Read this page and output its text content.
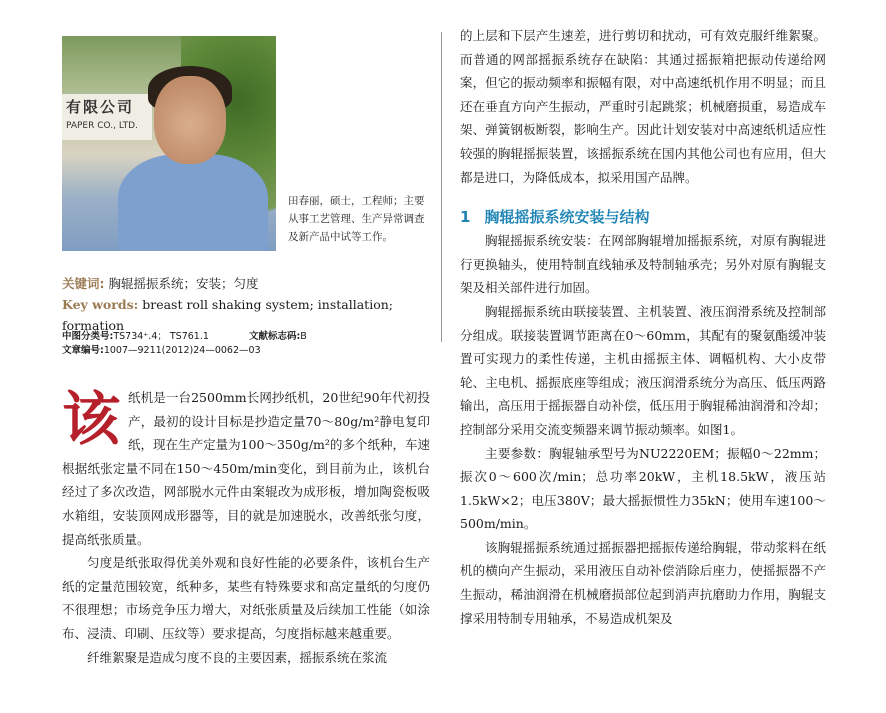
有限公司
PAPER CO., LTD.
田春丽，硕士，工程师；主要从事工艺管理、生产异常调查及新产品中试等工作。
关键词: 胸辊摇振系统；安装；匀度
Key words: breast roll shaking system; installation; formation
中图分类号:TS734⁺.4； TS761.1	文献标志码:B
文章编号:1007—9211(2012)24—0062—03
该 纸机是一台2500mm长网抄纸机，20世纪90年代初投产，最初的设计目标是抄造定量70～80g/m²静电复印纸，现在生产定量为100～350g/m²的多个纸种，车速根据纸张定量不同在150～450m/min变化，到目前为止，该机台经过了多次改造，网部脱水元件由案辊改为成形板，增加陶瓷板吸水箱组，安装顶网成形器等，目的就是加速脱水，改善纸张匀度，提高纸张质量。

匀度是纸张取得优美外观和良好性能的必要条件，该机台生产纸的定量范围较宽，纸种多，某些有特殊要求和高定量纸的匀度仍不很理想；市场竞争压力增大，对纸张质量及后续加工性能（如涂布、浸渍、印刷、压纹等）要求提高，匀度指标越来越重要。

纤维絮聚是造成匀度不良的主要因素，摇振系统在浆流

的上层和下层产生速差，进行剪切和扰动，可有效克服纤维絮聚。而普通的网部摇振系统存在缺陷：其通过摇振箱把振动传递给网案，但它的振动频率和振幅有限，对中高速纸机作用不明显；而且还在垂直方向产生振动，严重时引起跳浆；机械磨损重，易造成车架、弹簧钢板断裂，影响生产。因此计划安装对中高速纸机适应性较强的胸辊摇振装置，该摇振系统在国内其他公司也有应用，但大都是进口，为降低成本，拟采用国产品牌。

1 胸辊摇振系统安装与结构

胸辊摇振系统安装：在网部胸辊增加摇振系统，对原有胸辊进行更换轴头，使用特制直线轴承及特制轴承壳；另外对原有胸辊支架及相关部件进行加固。

胸辊摇振系统由联接装置、主机装置、液压润滑系统及控制部分组成。联接装置调节距离在0～60mm，其配有的聚氨酯缓冲装置可实现力的柔性传递，主机由摇振主体、调幅机构、大小皮带轮、主电机、摇振底座等组成；液压润滑系统分为高压、低压两路输出，高压用于摇振器自动补偿，低压用于胸辊稀油润滑和冷却；控制部分采用交流变频器来调节振动频率。如图1。

主要参数：胸辊轴承型号为NU2220EM；振幅0～22mm；振次0～600次/min；总功率20kW，主机18.5kW，液压站1.5kW×2；电压380V；最大摇振惯性力35kN；使用车速100～500m/min。

该胸辊摇振系统通过摇振器把摇振传递给胸辊，带动浆料在纸机的横向产生振动，采用液压自动补偿消除后座力，使摇振器不产生振动，稀油润滑在机械磨损部位起到消声抗磨助力作用，胸辊支撑采用特制专用轴承，不易造成机架及
